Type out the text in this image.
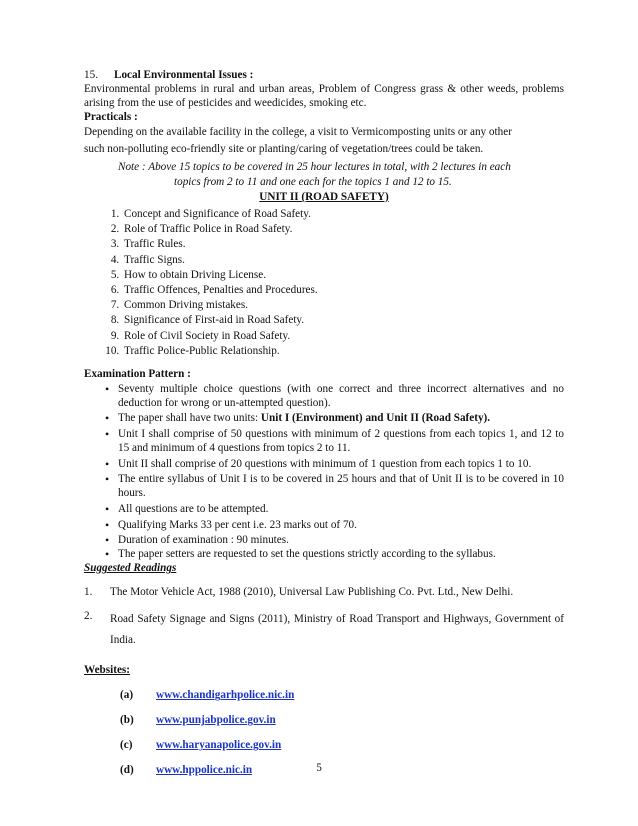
15. Local Environmental Issues :
Environmental problems in rural and urban areas, Problem of Congress grass & other weeds, problems arising from the use of pesticides and weedicides, smoking etc.
Practicals :
Depending on the available facility in the college, a visit to Vermicomposting units or any other
such non-polluting eco-friendly site or planting/caring of vegetation/trees could be taken.
Note : Above 15 topics to be covered in 25 hour lectures in total, with 2 lectures in each
topics from 2 to 11 and one each for the topics 1 and 12 to 15.
UNIT II (ROAD SAFETY)
1. Concept and Significance of Road Safety.
2. Role of Traffic Police in Road Safety.
3. Traffic Rules.
4. Traffic Signs.
5. How to obtain Driving License.
6. Traffic Offences, Penalties and Procedures.
7. Common Driving mistakes.
8. Significance of First-aid in Road Safety.
9. Role of Civil Society in Road Safety.
10. Traffic Police-Public Relationship.
Examination Pattern :
• Seventy multiple choice questions (with one correct and three incorrect alternatives and no deduction for wrong or un-attempted question).
• The paper shall have two units: Unit I (Environment) and Unit II (Road Safety).
• Unit I shall comprise of 50 questions with minimum of 2 questions from each topics 1, and 12 to 15 and minimum of 4 questions from topics 2 to 11.
• Unit II shall comprise of 20 questions with minimum of 1 question from each topics 1 to 10.
• The entire syllabus of Unit I is to be covered in 25 hours and that of Unit II is to be covered in 10 hours.
• All questions are to be attempted.
• Qualifying Marks 33 per cent i.e. 23 marks out of 70.
• Duration of examination : 90 minutes.
• The paper setters are requested to set the questions strictly according to the syllabus.
Suggested Readings
1.	The Motor Vehicle Act, 1988 (2010), Universal Law Publishing Co. Pvt. Ltd., New Delhi.
2.	Road Safety Signage and Signs (2011), Ministry of Road Transport and Highways, Government of India.
Websites:
(a)	www.chandigarhpolice.nic.in
(b)	www.punjabpolice.gov.in
(c)	www.haryanapolice.gov.in
(d)	www.hppolice.nic.in	5
